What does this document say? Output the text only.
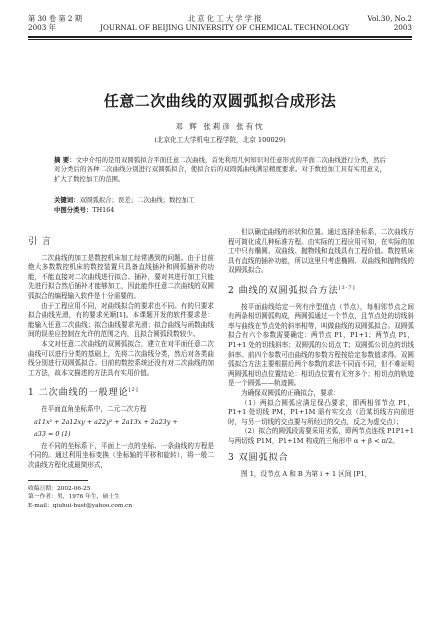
第 30 卷 第 2 期
2003 年
北 京 化 工 大 学 学 报
JOURNAL OF BEIJING UNIVERSITY OF CHEMICAL TECHNOLOGY
Vol.30, No.2
2003
任意二次曲线的双圆弧拟合成形法
邓 辉 张莉彦 张有忱
(北京化工大学机电工程学院，北京 100029)
摘 要：文中介绍的是用双圆弧拟合平面任意二次曲线，首先利用几何知识对任意形式的平面二次曲线进行分类，然后对分类后的各种二次曲线分别进行双圆弧拟合，使拟合后的双圆弧曲线满足精度要求。对于数控加工具有实用意义，扩大了数控加工的范围。
关键词：双圆弧拟合；误差；二次曲线；数控加工
中图分类号：TH164
引 言

二次曲线的加工是数控机床加工经常遇到的问题。由于目前绝大多数数控机床的数控装置只具备直线插补和圆弧插补的功能，不能直接对二次曲线进行拟合、插补，要对其进行加工只能先进行拟合然后插补才能够加工，因此能作任意二次曲线的双圆弧拟合的编程输入软件是十分需要的。

由于工程应用不同，对曲线拟合的要求也不同。有的只要求拟合曲线光滑，有的要求光顺[1]。本课题开发的软件要求是：能输入任意二次曲线；拟合曲线要求光滑；拟合曲线与函数曲线间的误差应控制在允许的范围之内，且拟合圆弧段数较少。

本文对任意二次曲线的双圆弧拟合，建立在对平面任意二次曲线可以进行分类的基础上，先将二次曲线分类，然后对各类曲线分别进行双圆弧拟合。目前的数控系统还没有对二次曲线的加工方法，故本文描述的方法具有实用价值。

1 二次曲线的一般理论[2]

在平面直角坐标系中，二元二次方程

a11x² + 2a12xy + a22y² + 2a13x + 2a23y +
a33 = 0 (1)

在不同的坐标系下，平面上一点的坐标、一条曲线的方程是不同的。通过利用坐标变换（坐标轴的平移和旋转），将一般二次曲线方程化成最简形式，

收稿日期：2002-06-25

第一作者：男，1976 年生，硕士生

E-mail：qiuhui-hust@yahoo.com.cn

但以确定曲线的形状和位置。通过选择坐标系，二次曲线方程可简化成几种标准方程。由实际的工程应用可知，在实际的加工中只有椭圆、双曲线、抛物线和直线具有工程价值。数控机床具有直线的插补功能，所以这里只考虑椭圆、双曲线和抛物线的双圆弧拟合。

2 曲线的双圆弧拟合方法[3-7]

按平面曲线给定一列有序型值点（节点），每相邻节点之间有两条相切圆弧构成，两圆弧通过一个节点，且节点处的切线斜率与曲线在节点处的斜率相等，叫做曲线的双圆弧拟合。双圆弧拟合有六个参数需要确定：两节点 P1，P1+1；两节点 P1，P1+1 处的切线斜率；双圆弧的公切点 T；双圆弧公切点的切线斜率。前四个参数可由曲线的参数方程按给定参数值求得。双圆弧拟合方法主要根据后两个参数的求法不同而不同，但不难证明两圆弧相切点位置结论：相切点位置有无穷多个；相切点的轨迹是一个圆弧——轨迹圆。

为确保双圆弧的正确拟合，要求：

（1）两拟合圆弧应满足保凸要求，即两相邻节点 P1，P1+1 处切线 PM，P1+1M 需有实交点（沿某切线方向前进时，与另一切线的交点要与所经过的交点，反之为虚交点）；

（2）拟合的圆弧段需要采用劣弧，即两节点连线 P1P1+1 与两切线 P1M，P1+1M 构成的三角形中 α + β < π/2。

3 双圆弧拟合

图 1，设节点 A 和 B 为第 i + 1 区间 [P1，
